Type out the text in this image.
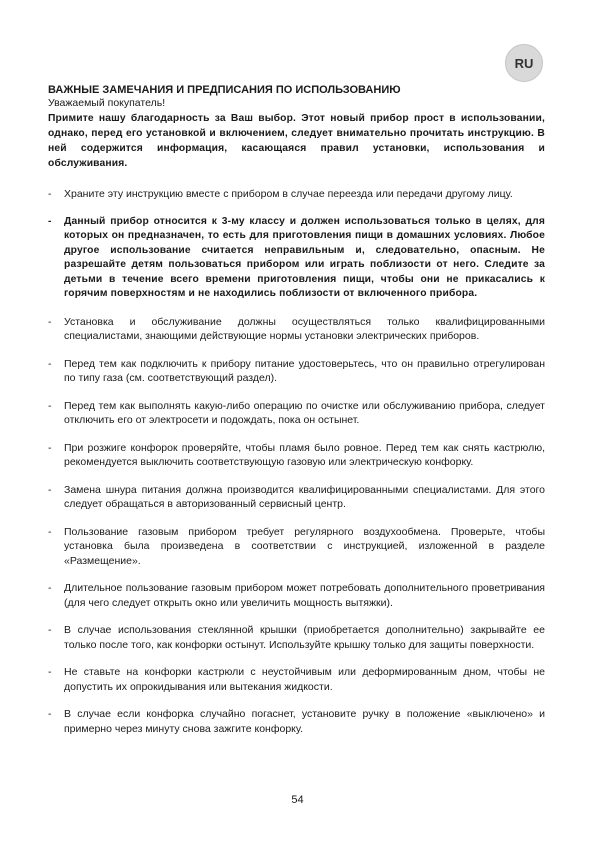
RU
ВАЖНЫЕ ЗАМЕЧАНИЯ И ПРЕДПИСАНИЯ ПО ИСПОЛЬЗОВАНИЮ
Уважаемый покупатель!
Примите нашу благодарность за Ваш выбор. Этот новый прибор прост в использовании, однако, перед его установкой и включением, следует внимательно прочитать инструкцию. В ней содержится информация, касающаяся правил установки, использования и обслуживания.
-	Храните эту инструкцию вместе с прибором в случае переезда или передачи другому лицу.
-	Данный прибор относится к 3-му классу и должен использоваться только в целях, для которых он предназначен, то есть для приготовления пищи в домашних условиях. Любое другое использование считается неправильным и, следовательно, опасным. Не разрешайте детям пользоваться прибором или играть поблизости от него. Следите за детьми в течение всего времени приготовления пищи, чтобы они не прикасались к горячим поверхностям и не находились поблизости от включенного прибора.
-	Установка и обслуживание должны осуществляться только квалифицированными специалистами, знающими действующие нормы установки электрических приборов.
-	Перед тем как подключить к прибору питание удостоверьтесь, что он правильно отрегулирован по типу газа (см. соответствующий раздел).
-	Перед тем как выполнять какую-либо операцию по очистке или обслуживанию прибора, следует отключить его от электросети и подождать, пока он остынет.
-	При розжиге конфорок проверяйте, чтобы пламя было ровное. Перед тем как снять кастрюлю, рекомендуется выключить соответствующую газовую или электрическую конфорку.
-	Замена шнура питания должна производится квалифицированными специалистами. Для этого следует обращаться в авторизованный сервисный центр.
-	Пользование газовым прибором требует регулярного воздухообмена. Проверьте, чтобы установка была произведена в соответствии с инструкцией, изложенной в разделе «Размещение».
-	Длительное пользование газовым прибором может потребовать дополнительного проветривания (для чего следует открыть окно или увеличить мощность вытяжки).
-	В случае использования стеклянной крышки (приобретается дополнительно) закрывайте ее только после того, как конфорки остынут. Используйте крышку только для защиты поверхности.
-	Не ставьте на конфорки кастрюли с неустойчивым или деформированным дном, чтобы не допустить их опрокидывания или вытекания жидкости.
-	В случае если конфорка случайно погаснет, установите ручку в положение «выключено» и примерно через минуту снова зажгите конфорку.
54
